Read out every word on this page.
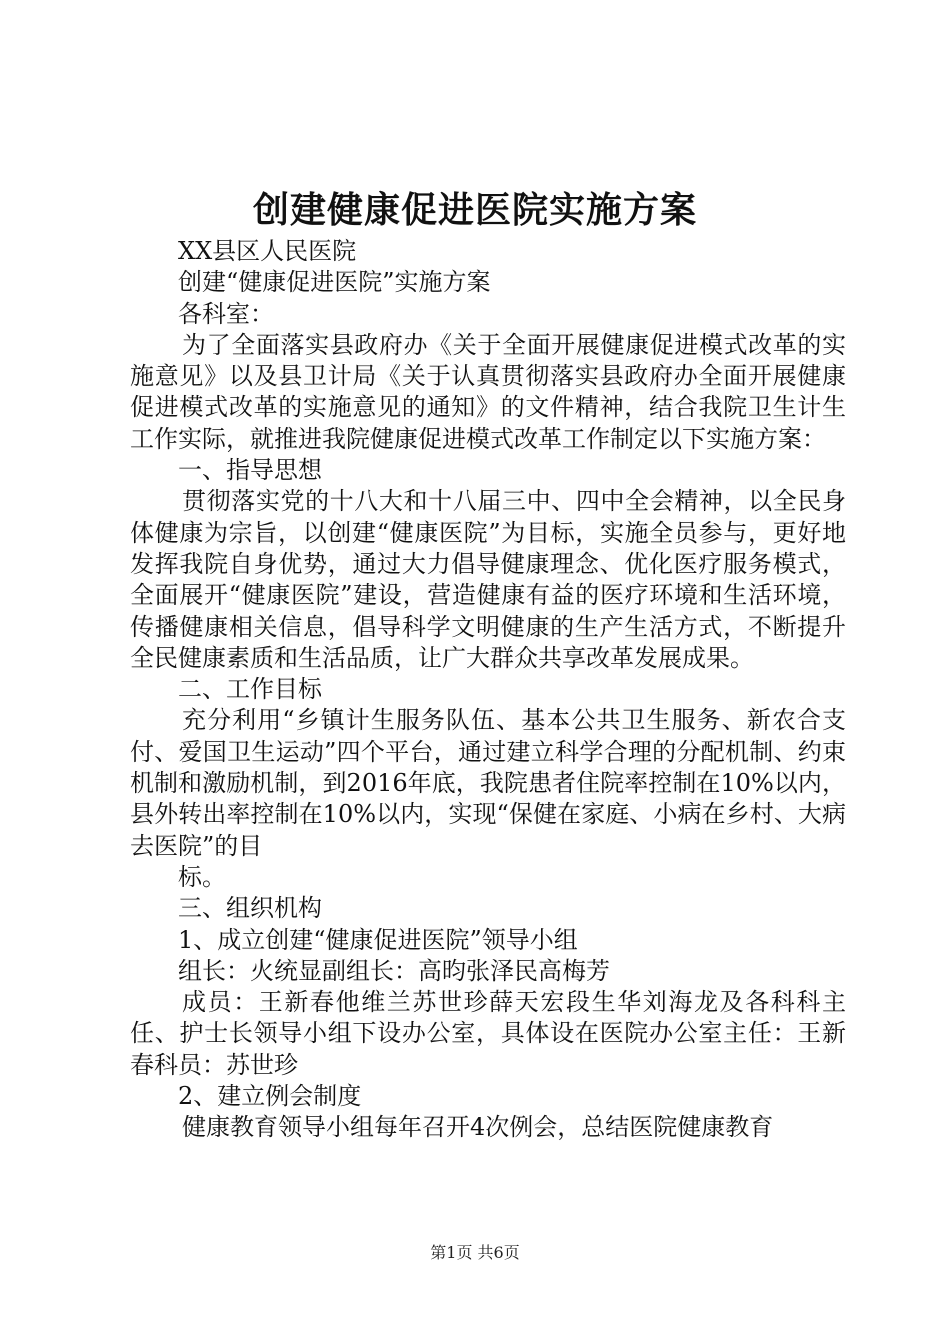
创建健康促进医院实施方案

XX县区人民医院

创建“健康促进医院”实施方案

各科室：

为了全面落实县政府办《关于全面开展健康促进模式改革的实施意见》以及县卫计局《关于认真贯彻落实县政府办全面开展健康促进模式改革的实施意见的通知》的文件精神，结合我院卫生计生工作实际，就推进我院健康促进模式改革工作制定以下实施方案：

一、指导思想

贯彻落实党的十八大和十八届三中、四中全会精神，以全民身体健康为宗旨，以创建“健康医院”为目标，实施全员参与，更好地发挥我院自身优势，通过大力倡导健康理念、优化医疗服务模式，全面展开“健康医院”建设，营造健康有益的医疗环境和生活环境，传播健康相关信息，倡导科学文明健康的生产生活方式，不断提升全民健康素质和生活品质，让广大群众共享改革发展成果。

二、工作目标

充分利用“乡镇计生服务队伍、基本公共卫生服务、新农合支付、爱国卫生运动”四个平台，通过建立科学合理的分配机制、约束机制和激励机制，到2016年底，我院患者住院率控制在10%以内，县外转出率控制在10%以内，实现“保健在家庭、小病在乡村、大病去医院”的目

标。

三、组织机构

1、成立创建“健康促进医院”领导小组

组长：火统显副组长：高昀张泽民高梅芳

成员：王新春他维兰苏世珍薛天宏段生华刘海龙及各科科主任、护士长领导小组下设办公室，具体设在医院办公室主任：王新春科员：苏世珍

2、建立例会制度

健康教育领导小组每年召开4次例会，总结医院健康教育

第1页 共6页
